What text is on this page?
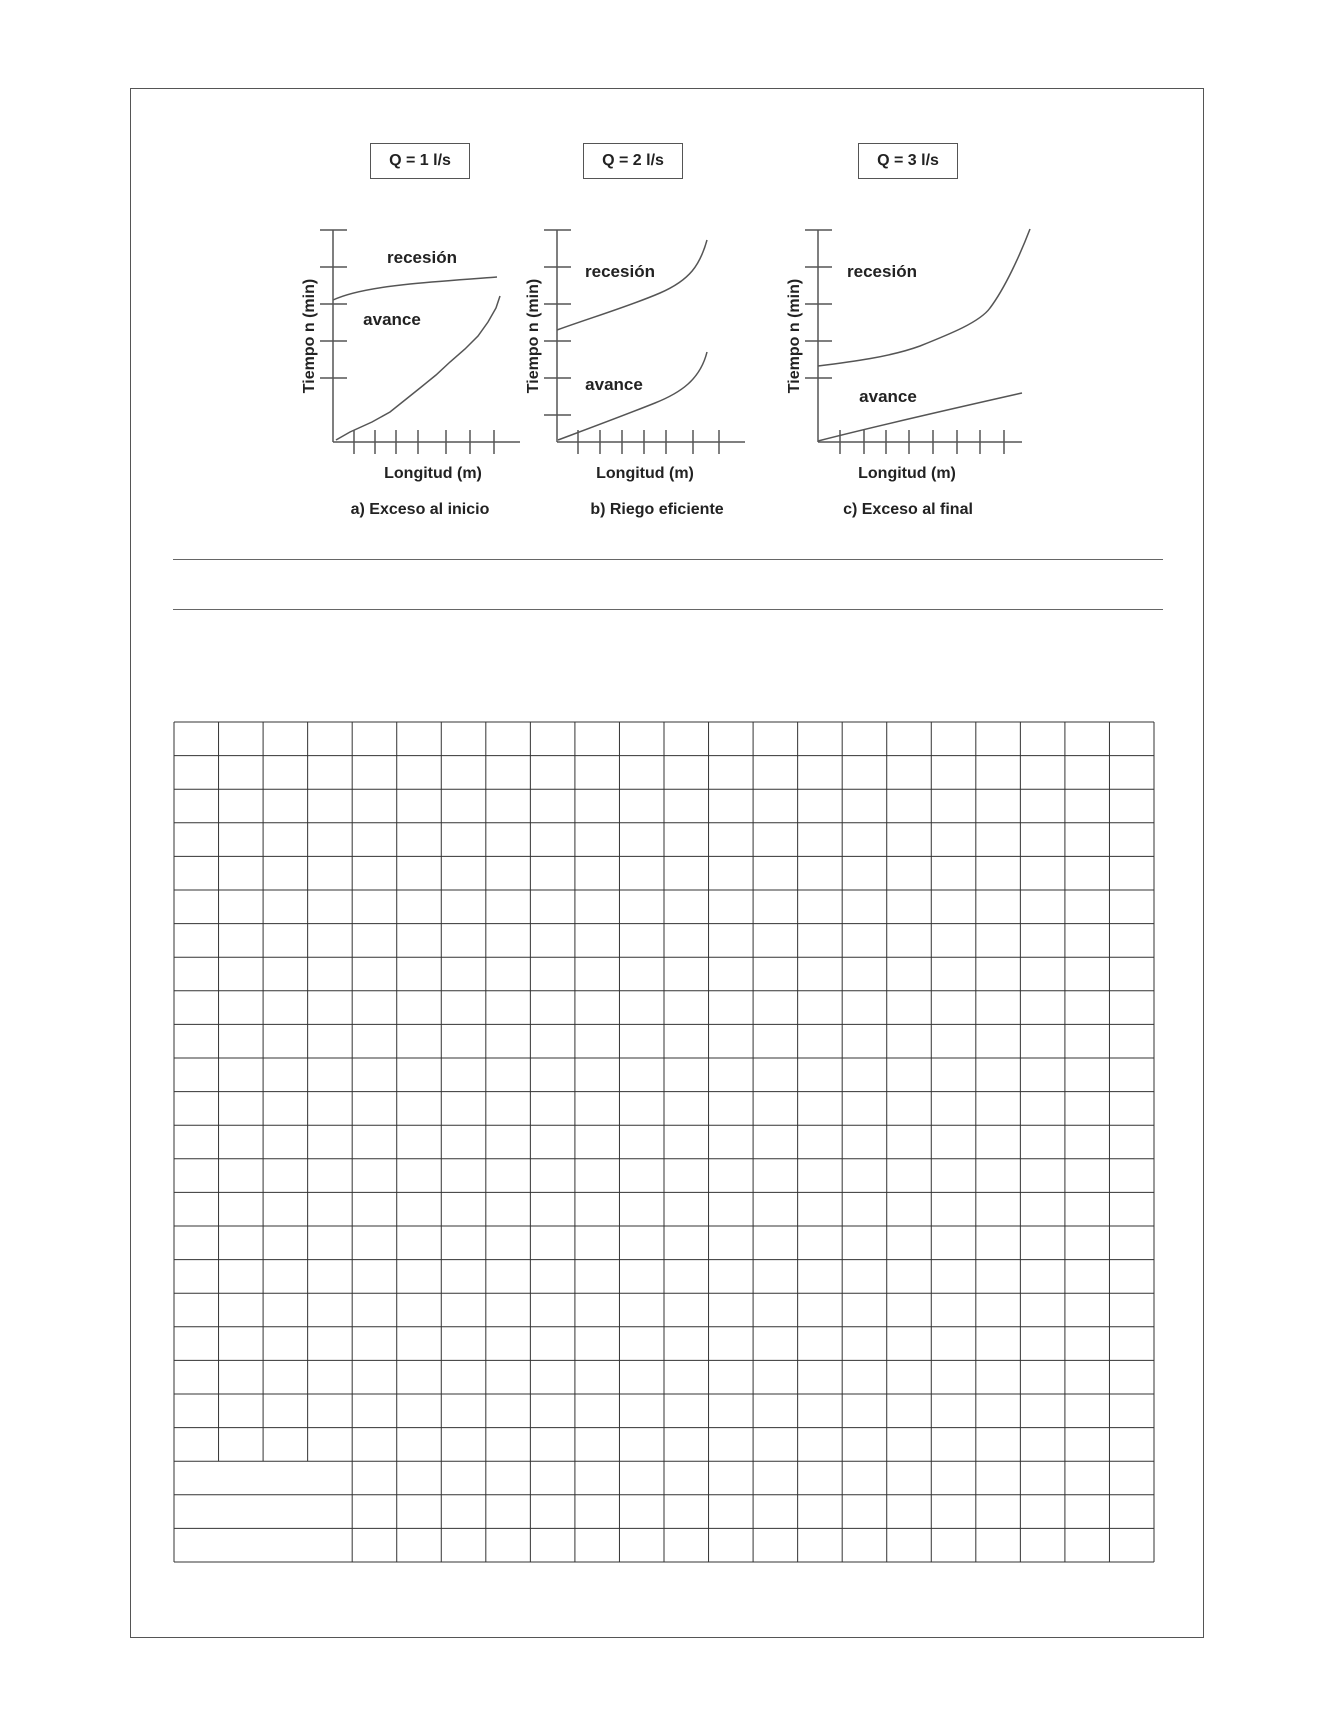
Q = 1 l/s	Q = 2 l/s	Q = 3 l/s
Tiempo n (min)
recesión
avance
Longitud (m)
a) Exceso al inicio
Tiempo n (min)
recesión
avance
Longitud (m)
b) Riego eficiente
Tiempo n (min)
recesión
avance
Longitud (m)
c) Exceso al final
